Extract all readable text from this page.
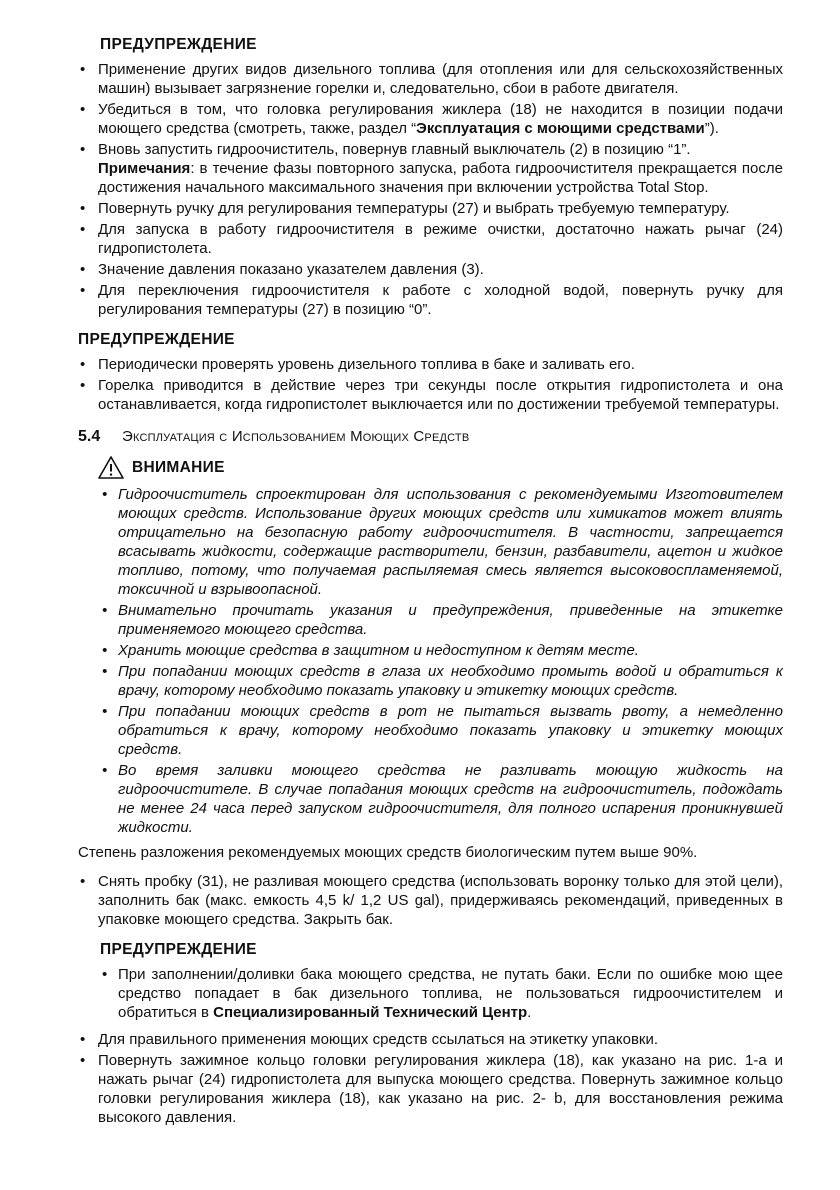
ПРЕДУПРЕЖДЕНИЕ
• Применение других видов дизельного топлива (для отопления или для сельскохозяйственных машин) вызывает загрязнение горелки и, следовательно, сбои в работе двигателя.
• Убедиться в том, что головка регулирования жиклера (18) не находится в позиции подачи моющего средства (смотреть, также, раздел “Эксплуатация с моющими средствами”).
• Вновь запустить гидроочиститель, повернув главный выключатель (2) в позицию “1”.
Примечания: в течение фазы повторного запуска, работа гидроочистителя прекращается после достижения начального максимального значения при включении устройства Total Stop.
• Повернуть ручку для регулирования температуры (27) и выбрать требуемую температуру.
• Для запуска в работу гидроочистителя в режиме очистки, достаточно нажать рычаг (24) гидропистолета.
• Значение давления показано указателем давления (3).
• Для переключения гидроочистителя к работе с холодной водой, повернуть ручку для регулирования температуры (27) в позицию “0”.
ПРЕДУПРЕЖДЕНИЕ
• Периодически проверять уровень дизельного топлива в баке и заливать его.
• Горелка приводится в действие через три секунды после открытия гидропистолета и она останавливается, когда гидропистолет выключается или по достижении требуемой температуры.
5.4	Эксплуатация с Использованием Моющих Средств
ВНИМАНИЕ
• Гидроочиститель спроектирован для использования с рекомендуемыми Изготовителем моющих средств. Использование других моющих средств или химикатов может влиять отрицательно на безопасную работу гидроочистителя. В частности, запрещается всасывать жидкости, содержащие растворители, бензин, разбавители, ацетон и жидкое топливо, потому, что получаемая распыляемая смесь является высоковоспламеняемой, токсичной и взрывоопасной.
• Внимательно прочитать указания и предупреждения, приведенные на этикетке применяемого моющего средства.
• Хранить моющие средства в защитном и недоступном к детям месте.
• При попадании моющих средств в глаза их необходимо промыть водой и обратиться к врачу, которому необходимо показать упаковку и этикетку моющих средств.
• При попадании моющих средств в рот не пытаться вызвать рвоту, а немедленно обратиться к врачу, которому необходимо показать упаковку и этикетку моющих средств.
• Во время заливки моющего средства не разливать моющую жидкость на гидроочистителе. В случае попадания моющих средств на гидроочиститель, подождать не менее 24 часа перед запуском гидроочистителя, для полного испарения проникнувшей жидкости.
Степень разложения рекомендуемых моющих средств биологическим путем выше 90%.
• Снять пробку (31), не разливая моющего средства (использовать воронку только для этой цели), заполнить бак (макс. емкость 4,5 k/ 1,2 US gal), придерживаясь рекомендаций, приведенных в упаковке моющего средства. Закрыть бак.
ПРЕДУПРЕЖДЕНИЕ
• При заполнении/доливки бака моющего средства, не путать баки. Если по ошибке мою щее средство попадает в бак дизельного топлива, не пользоваться гидроочистителем и обратиться в Специализированный Технический Центр.
• Для правильного применения моющих средств ссылаться на этикетку упаковки.
• Повернуть зажимное кольцо головки регулирования жиклера (18), как указано на рис. 1-а и нажать рычаг (24) гидропистолета для выпуска моющего средства. Повернуть зажимное кольцо головки регулирования жиклера (18), как указано на рис. 2- b, для восстановления режима высокого давления.
